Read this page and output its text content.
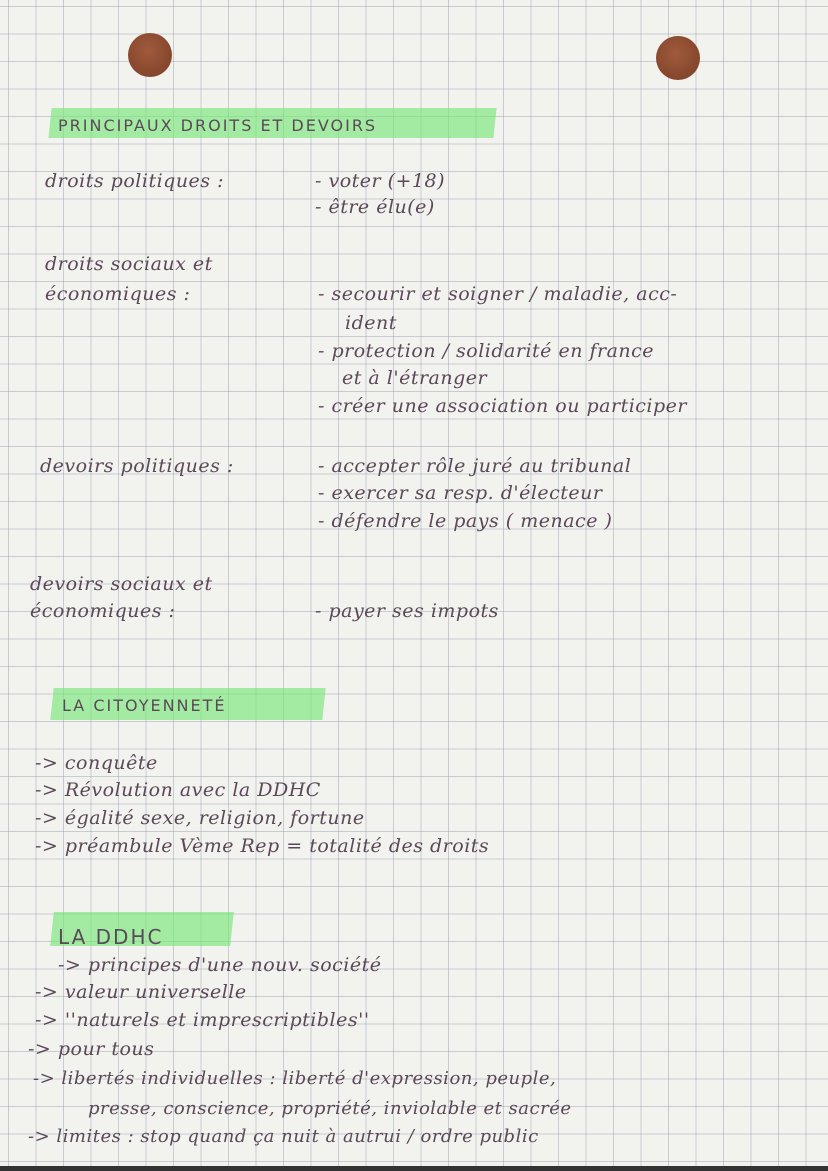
PRINCIPAUX DROITS ET DEVOIRS
droits politiques :	- voter (+18)
- être élu(e)
droits sociaux et
économiques :	- secourir et soigner / maladie, acc-
ident
- protection / solidarité en france
et à l'étranger
- créer une association ou participer
devoirs politiques :	- accepter rôle juré au tribunal
- exercer sa resp. d'électeur
- défendre le pays ( menace )
devoirs sociaux et
économiques :	- payer ses impots
LA CITOYENNETÉ
-> conquête
-> Révolution avec la DDHC
-> égalité sexe, religion, fortune
-> préambule Vème Rep = totalité des droits
LA DDHC
-> principes d'une nouv. société
-> valeur universelle
-> ''naturels et imprescriptibles''
-> pour tous
-> libertés individuelles : liberté d'expression, peuple,
presse, conscience, propriété, inviolable et sacrée
-> limites : stop quand ça nuit à autrui / ordre public
